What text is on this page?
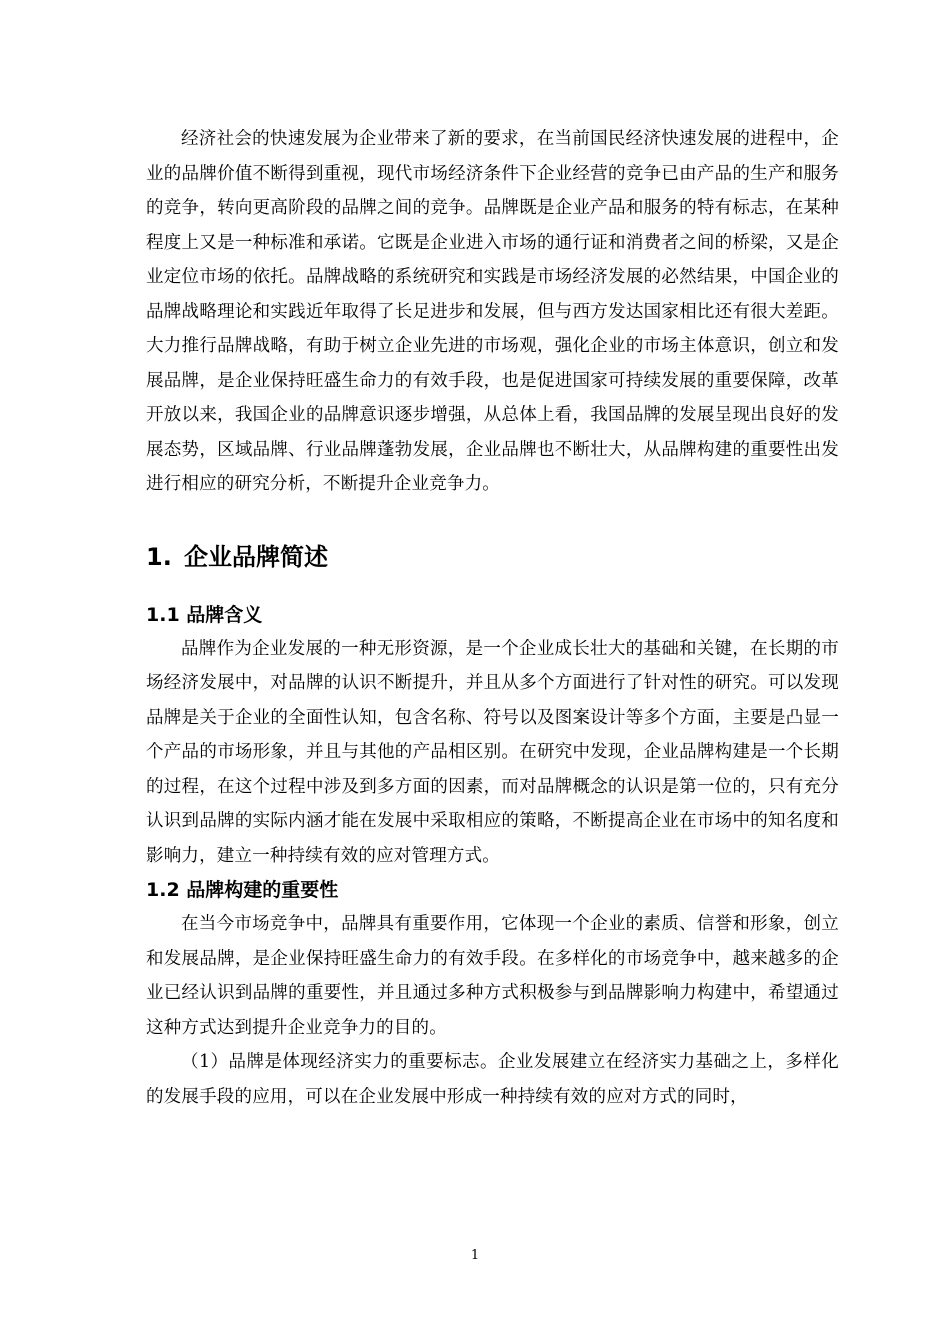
经济社会的快速发展为企业带来了新的要求，在当前国民经济快速发展的进程中，企业的品牌价值不断得到重视，现代市场经济条件下企业经营的竞争已由产品的生产和服务的竞争，转向更高阶段的品牌之间的竞争。品牌既是企业产品和服务的特有标志，在某种程度上又是一种标准和承诺。它既是企业进入市场的通行证和消费者之间的桥梁，又是企业定位市场的依托。品牌战略的系统研究和实践是市场经济发展的必然结果，中国企业的品牌战略理论和实践近年取得了长足进步和发展，但与西方发达国家相比还有很大差距。大力推行品牌战略，有助于树立企业先进的市场观，强化企业的市场主体意识，创立和发展品牌，是企业保持旺盛生命力的有效手段，也是促进国家可持续发展的重要保障，改革开放以来，我国企业的品牌意识逐步增强，从总体上看，我国品牌的发展呈现出良好的发展态势，区域品牌、行业品牌蓬勃发展，企业品牌也不断壮大，从品牌构建的重要性出发进行相应的研究分析，不断提升企业竞争力。

1. 企业品牌简述
1.1 品牌含义

品牌作为企业发展的一种无形资源，是一个企业成长壮大的基础和关键，在长期的市场经济发展中，对品牌的认识不断提升，并且从多个方面进行了针对性的研究。可以发现品牌是关于企业的全面性认知，包含名称、符号以及图案设计等多个方面，主要是凸显一个产品的市场形象，并且与其他的产品相区别。在研究中发现，企业品牌构建是一个长期的过程，在这个过程中涉及到多方面的因素，而对品牌概念的认识是第一位的，只有充分认识到品牌的实际内涵才能在发展中采取相应的策略，不断提高企业在市场中的知名度和影响力，建立一种持续有效的应对管理方式。

1.2 品牌构建的重要性

在当今市场竞争中，品牌具有重要作用，它体现一个企业的素质、信誉和形象，创立和发展品牌，是企业保持旺盛生命力的有效手段。在多样化的市场竞争中，越来越多的企业已经认识到品牌的重要性，并且通过多种方式积极参与到品牌影响力构建中，希望通过这种方式达到提升企业竞争力的目的。

（1）品牌是体现经济实力的重要标志。企业发展建立在经济实力基础之上，多样化的发展手段的应用，可以在企业发展中形成一种持续有效的应对方式的同时，

1
